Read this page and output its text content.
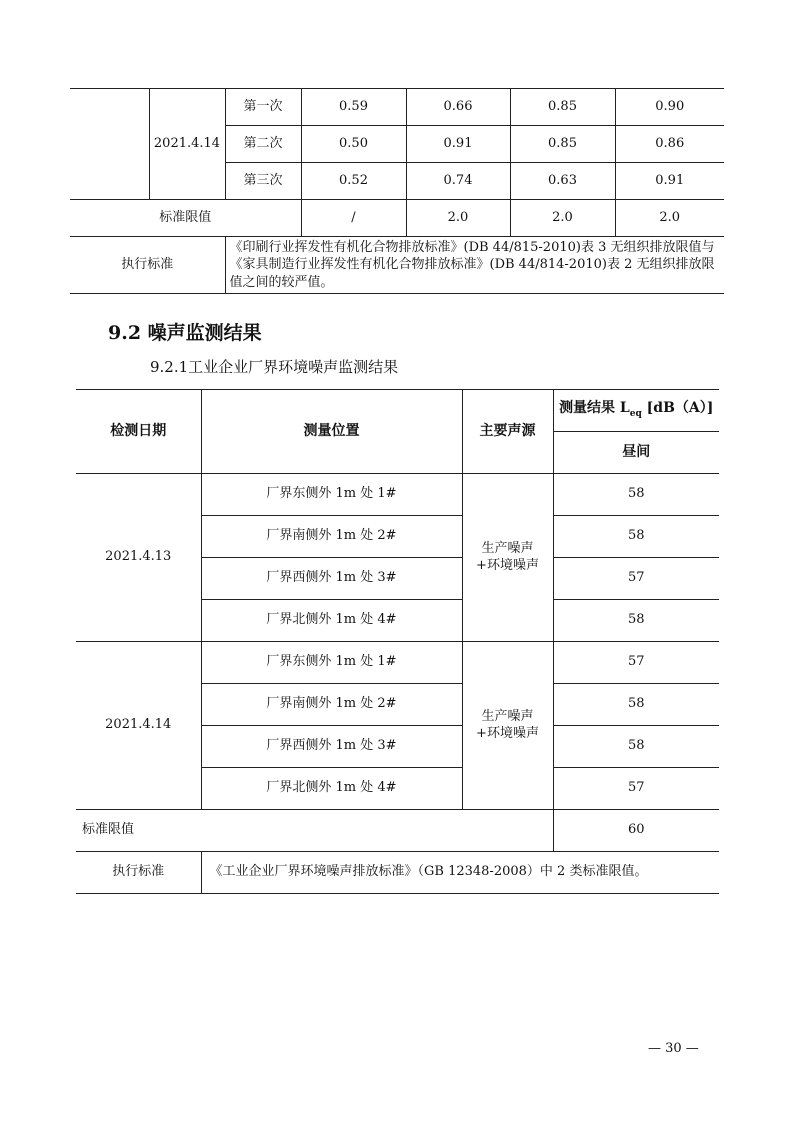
	2021.4.14	第一次	0.59	0.66	0.85	0.90
		第二次	0.50	0.91	0.85	0.86
		第三次	0.52	0.74	0.63	0.91
标准限值			/	2.0	2.0	2.0
执行标准		《印刷行业挥发性有机化合物排放标准》(DB 44/815-2010)表 3 无组织排放限值与《家具制造行业挥发性有机化合物排放标准》(DB 44/814-2010)表 2 无组织排放限值之间的较严值。				
9.2 噪声监测结果
9.2.1工业企业厂界环境噪声监测结果
检测日期	测量位置	主要声源	测量结果 $L_{eq}$ [dB（A）]
			昼间
2021.4.13	厂界东侧外 1m 处 1#	生产噪声+环境噪声	58
	厂界南侧外 1m 处 2#		58
	厂界西侧外 1m 处 3#		57
	厂界北侧外 1m 处 4#		58
2021.4.14	厂界东侧外 1m 处 1#	生产噪声+环境噪声	57
	厂界南侧外 1m 处 2#		58
	厂界西侧外 1m 处 3#		58
	厂界北侧外 1m 处 4#		57
标准限值			60
执行标准	《工业企业厂界环境噪声排放标准》（GB 12348-2008）中 2 类标准限值。		
— 30 —
